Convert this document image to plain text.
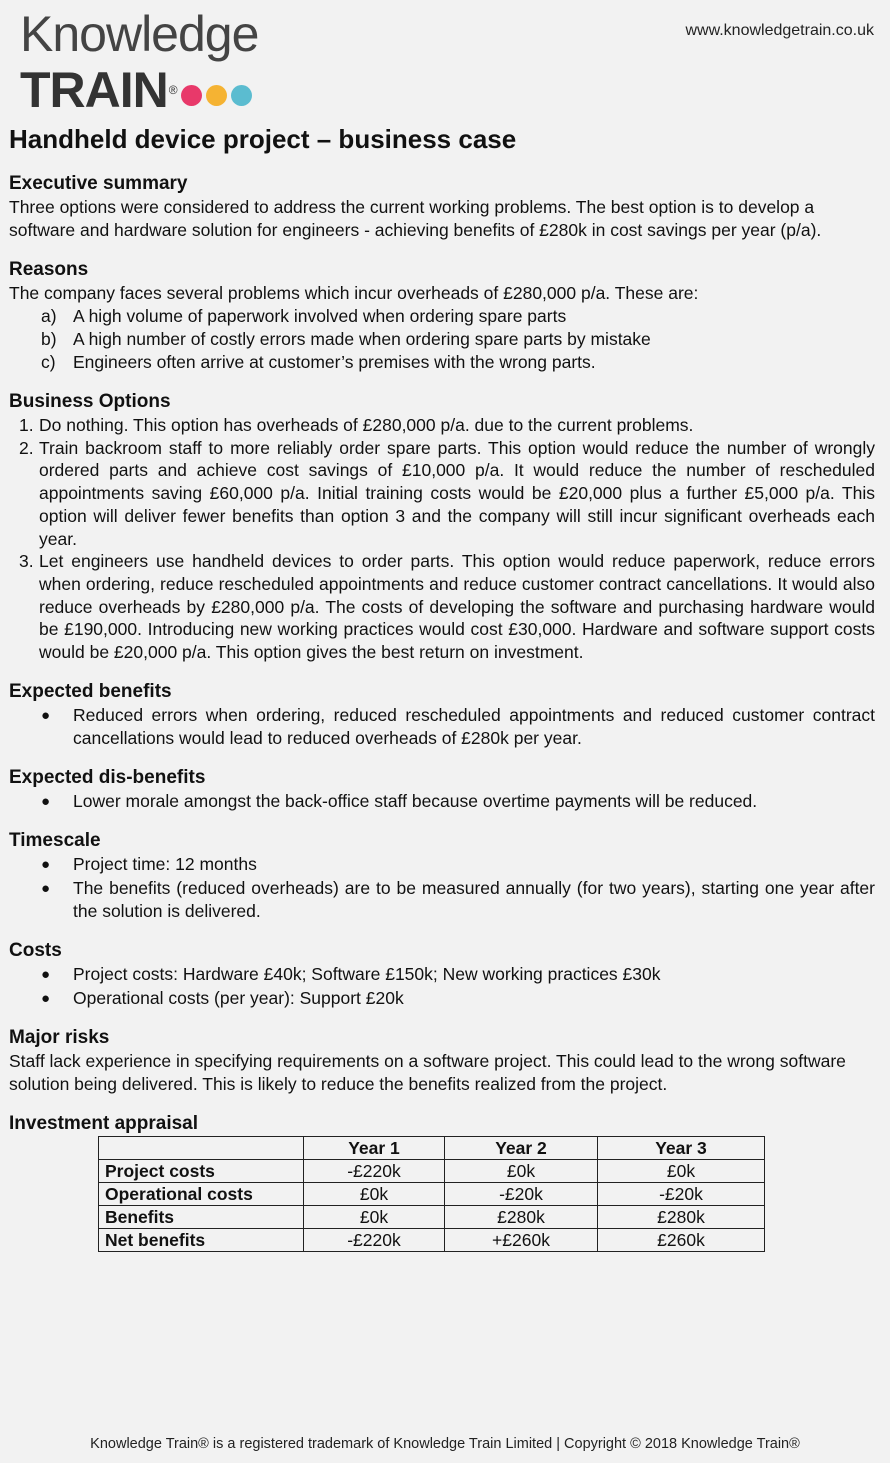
Knowledge
TRAIN ®
www.knowledgetrain.co.uk
Handheld device project – business case
Executive summary

Three options were considered to address the current working problems. The best option is to develop a software and hardware solution for engineers - achieving benefits of £280k in cost savings per year (p/a).

Reasons

The company faces several problems which incur overheads of £280,000 p/a. These are:

a) A high volume of paperwork involved when ordering spare parts
b) A high number of costly errors made when ordering spare parts by mistake
c) Engineers often arrive at customer’s premises with the wrong parts.
Business Options
1. Do nothing. This option has overheads of £280,000 p/a. due to the current problems.
2. Train backroom staff to more reliably order spare parts. This option would reduce the number of wrongly ordered parts and achieve cost savings of £10,000 p/a. It would reduce the number of rescheduled appointments saving £60,000 p/a. Initial training costs would be £20,000 plus a further £5,000 p/a. This option will deliver fewer benefits than option 3 and the company will still incur significant overheads each year.
3. Let engineers use handheld devices to order parts. This option would reduce paperwork, reduce errors when ordering, reduce rescheduled appointments and reduce customer contract cancellations. It would also reduce overheads by £280,000 p/a. The costs of developing the software and purchasing hardware would be £190,000. Introducing new working practices would cost £30,000. Hardware and software support costs would be £20,000 p/a. This option gives the best return on investment.
Expected benefits
● Reduced errors when ordering, reduced rescheduled appointments and reduced customer contract cancellations would lead to reduced overheads of £280k per year.
Expected dis-benefits
● Lower morale amongst the back-office staff because overtime payments will be reduced.
Timescale
● Project time: 12 months
● The benefits (reduced overheads) are to be measured annually (for two years), starting one year after the solution is delivered.
Costs
● Project costs: Hardware £40k; Software £150k; New working practices £30k
● Operational costs (per year): Support £20k
Major risks

Staff lack experience in specifying requirements on a software project. This could lead to the wrong software solution being delivered. This is likely to reduce the benefits realized from the project.

Investment appraisal
	Year 1	Year 2	Year 3
Project costs	-£220k	£0k	£0k
Operational costs	£0k	-£20k	-£20k
Benefits	£0k	£280k	£280k
Net benefits	-£220k	+£260k	£260k
Knowledge Train® is a registered trademark of Knowledge Train Limited | Copyright © 2018 Knowledge Train®
